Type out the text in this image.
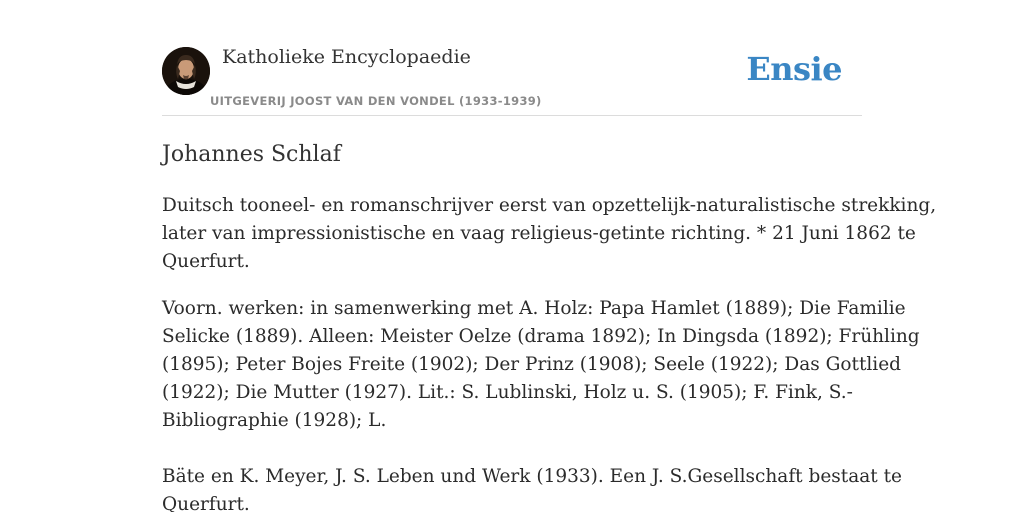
Katholieke Encyclopaedie
UITGEVERIJ JOOST VAN DEN VONDEL (1933-1939)
Ensie
Johannes Schlaf

Duitsch tooneel- en romanschrijver eerst van opzettelijk-naturalistische strekking,
later van impressionistische en vaag religieus-getinte richting. * 21 Juni 1862 te
Querfurt.

Voorn. werken: in samenwerking met A. Holz: Papa Hamlet (1889); Die Familie
Selicke (1889). Alleen: Meister Oelze (drama 1892); In Dingsda (1892); Frühling
(1895); Peter Bojes Freite (1902); Der Prinz (1908); Seele (1922); Das Gottlied
(1922); Die Mutter (1927). Lit.: S. Lublinski, Holz u. S. (1905); F. Fink, S.-
Bibliographie (1928); L.

Bäte en K. Meyer, J. S. Leben und Werk (1933). Een J. S.Gesellschaft bestaat te
Querfurt.
